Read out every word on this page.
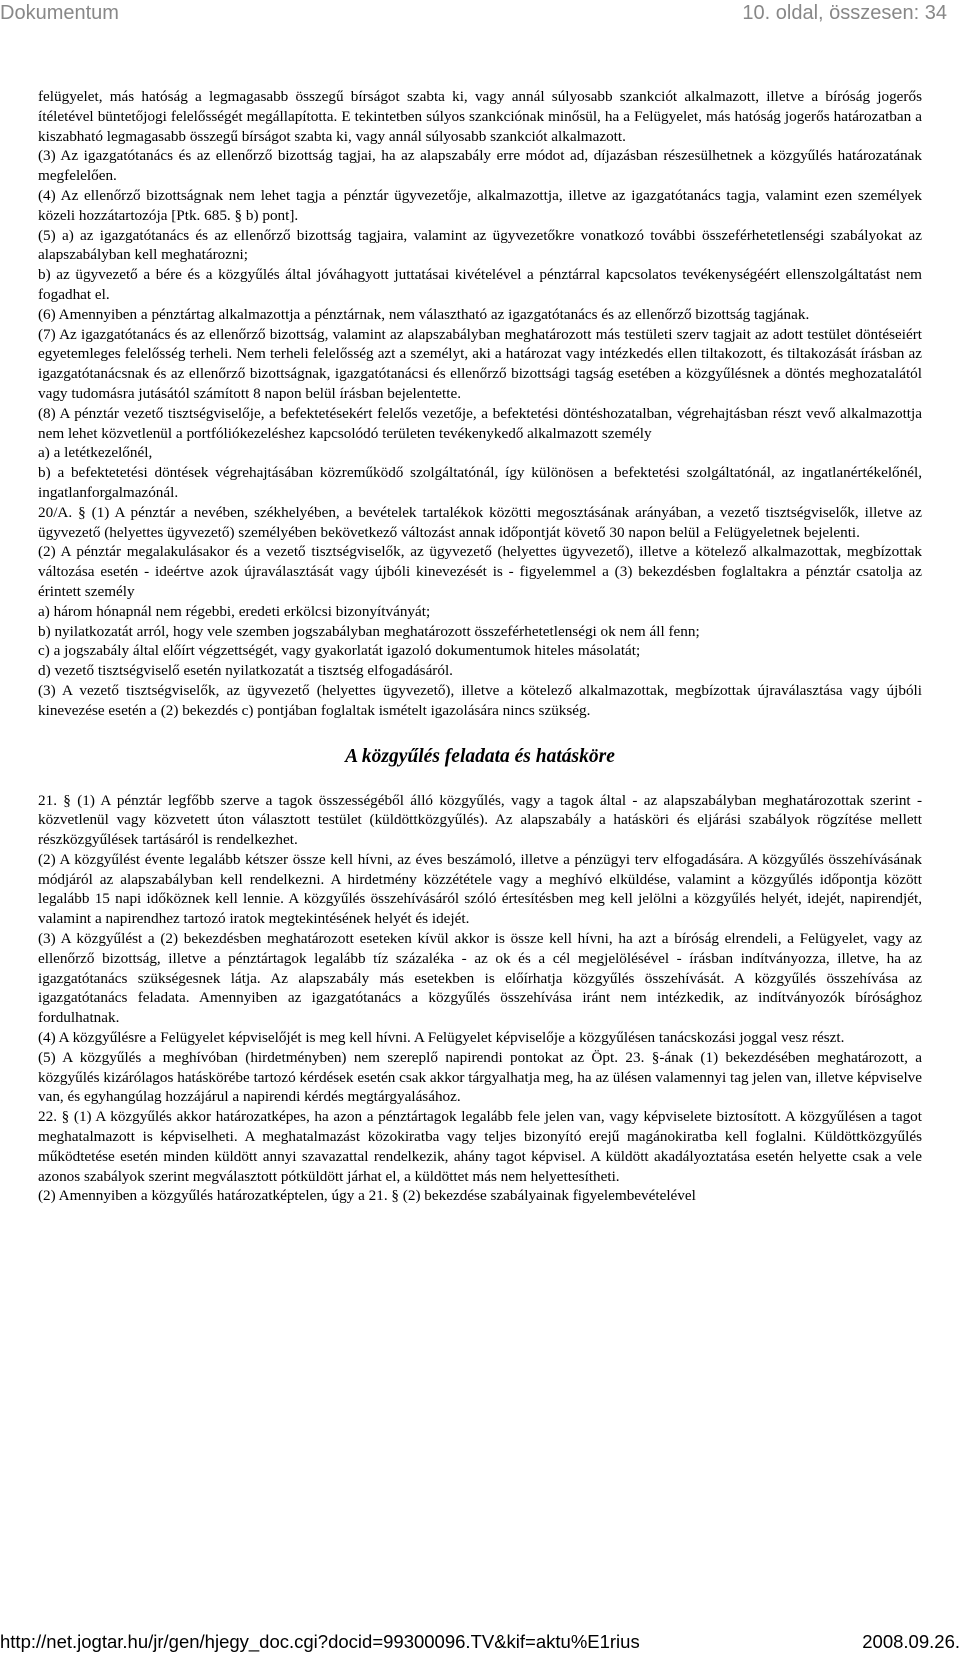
Dokumentum	10. oldal, összesen: 34

felügyelet, más hatóság a legmagasabb összegű bírságot szabta ki, vagy annál súlyosabb szankciót alkalmazott, illetve a bíróság jogerős ítéletével büntetőjogi felelősségét megállapította. E tekintetben súlyos szankciónak minősül, ha a Felügyelet, más hatóság jogerős határozatban a kiszabható legmagasabb összegű bírságot szabta ki, vagy annál súlyosabb szankciót alkalmazott.

(3) Az igazgatótanács és az ellenőrző bizottság tagjai, ha az alapszabály erre módot ad, díjazásban részesülhetnek a közgyűlés határozatának megfelelően.

(4) Az ellenőrző bizottságnak nem lehet tagja a pénztár ügyvezetője, alkalmazottja, illetve az igazgatótanács tagja, valamint ezen személyek közeli hozzátartozója [Ptk. 685. § b) pont].

(5) a) az igazgatótanács és az ellenőrző bizottság tagjaira, valamint az ügyvezetőkre vonatkozó további összeférhetetlenségi szabályokat az alapszabályban kell meghatározni;

b) az ügyvezető a bére és a közgyűlés által jóváhagyott juttatásai kivételével a pénztárral kapcsolatos tevékenységéért ellenszolgáltatást nem fogadhat el.

(6) Amennyiben a pénztártag alkalmazottja a pénztárnak, nem választható az igazgatótanács és az ellenőrző bizottság tagjának.

(7) Az igazgatótanács és az ellenőrző bizottság, valamint az alapszabályban meghatározott más testületi szerv tagjait az adott testület döntéseiért egyetemleges felelősség terheli. Nem terheli felelősség azt a személyt, aki a határozat vagy intézkedés ellen tiltakozott, és tiltakozását írásban az igazgatótanácsnak és az ellenőrző bizottságnak, igazgatótanácsi és ellenőrző bizottsági tagság esetében a közgyűlésnek a döntés meghozatalától vagy tudomásra jutásától számított 8 napon belül írásban bejelentette.

(8) A pénztár vezető tisztségviselője, a befektetésekért felelős vezetője, a befektetési döntéshozatalban, végrehajtásban részt vevő alkalmazottja nem lehet közvetlenül a portfóliókezeléshez kapcsolódó területen tevékenykedő alkalmazott személy

a) a letétkezelőnél,

b) a befektetetési döntések végrehajtásában közreműködő szolgáltatónál, így különösen a befektetési szolgáltatónál, az ingatlanértékelőnél, ingatlanforgalmazónál.

20/A. § (1) A pénztár a nevében, székhelyében, a bevételek tartalékok közötti megosztásának arányában, a vezető tisztségviselők, illetve az ügyvezető (helyettes ügyvezető) személyében bekövetkező változást annak időpontját követő 30 napon belül a Felügyeletnek bejelenti.

(2) A pénztár megalakulásakor és a vezető tisztségviselők, az ügyvezető (helyettes ügyvezető), illetve a kötelező alkalmazottak, megbízottak változása esetén - ideértve azok újraválasztását vagy újbóli kinevezését is - figyelemmel a (3) bekezdésben foglaltakra a pénztár csatolja az érintett személy

a) három hónapnál nem régebbi, eredeti erkölcsi bizonyítványát;

b) nyilatkozatát arról, hogy vele szemben jogszabályban meghatározott összeférhetetlenségi ok nem áll fenn;

c) a jogszabály által előírt végzettségét, vagy gyakorlatát igazoló dokumentumok hiteles másolatát;

d) vezető tisztségviselő esetén nyilatkozatát a tisztség elfogadásáról.

(3) A vezető tisztségviselők, az ügyvezető (helyettes ügyvezető), illetve a kötelező alkalmazottak, megbízottak újraválasztása vagy újbóli kinevezése esetén a (2) bekezdés c) pontjában foglaltak ismételt igazolására nincs szükség.

A közgyűlés feladata és hatásköre

21. § (1) A pénztár legfőbb szerve a tagok összességéből álló közgyűlés, vagy a tagok által - az alapszabályban meghatározottak szerint - közvetlenül vagy közvetett úton választott testület (küldöttközgyűlés). Az alapszabály a hatásköri és eljárási szabályok rögzítése mellett részközgyűlések tartásáról is rendelkezhet.

(2) A közgyűlést évente legalább kétszer össze kell hívni, az éves beszámoló, illetve a pénzügyi terv elfogadására. A közgyűlés összehívásának módjáról az alapszabályban kell rendelkezni. A hirdetmény közzététele vagy a meghívó elküldése, valamint a közgyűlés időpontja között legalább 15 napi időköznek kell lennie. A közgyűlés összehívásáról szóló értesítésben meg kell jelölni a közgyűlés helyét, idejét, napirendjét, valamint a napirendhez tartozó iratok megtekintésének helyét és idejét.

(3) A közgyűlést a (2) bekezdésben meghatározott eseteken kívül akkor is össze kell hívni, ha azt a bíróság elrendeli, a Felügyelet, vagy az ellenőrző bizottság, illetve a pénztártagok legalább tíz százaléka - az ok és a cél megjelölésével - írásban indítványozza, illetve, ha az igazgatótanács szükségesnek látja. Az alapszabály más esetekben is előírhatja közgyűlés összehívását. A közgyűlés összehívása az igazgatótanács feladata. Amennyiben az igazgatótanács a közgyűlés összehívása iránt nem intézkedik, az indítványozók bírósághoz fordulhatnak.

(4) A közgyűlésre a Felügyelet képviselőjét is meg kell hívni. A Felügyelet képviselője a közgyűlésen tanácskozási joggal vesz részt.

(5) A közgyűlés a meghívóban (hirdetményben) nem szereplő napirendi pontokat az Öpt. 23. §-ának (1) bekezdésében meghatározott, a közgyűlés kizárólagos hatáskörébe tartozó kérdések esetén csak akkor tárgyalhatja meg, ha az ülésen valamennyi tag jelen van, illetve képviselve van, és egyhangúlag hozzájárul a napirendi kérdés megtárgyalásához.

22. § (1) A közgyűlés akkor határozatképes, ha azon a pénztártagok legalább fele jelen van, vagy képviselete biztosított. A közgyűlésen a tagot meghatalmazott is képviselheti. A meghatalmazást közokiratba vagy teljes bizonyító erejű magánokiratba kell foglalni. Küldöttközgyűlés működtetése esetén minden küldött annyi szavazattal rendelkezik, ahány tagot képvisel. A küldött akadályoztatása esetén helyette csak a vele azonos szabályok szerint megválasztott pótküldött járhat el, a küldöttet más nem helyettesítheti.

(2) Amennyiben a közgyűlés határozatképtelen, úgy a 21. § (2) bekezdése szabályainak figyelembevételével

http://net.jogtar.hu/jr/gen/hjegy_doc.cgi?docid=99300096.TV&kif=aktu%E1rius	2008.09.26.
